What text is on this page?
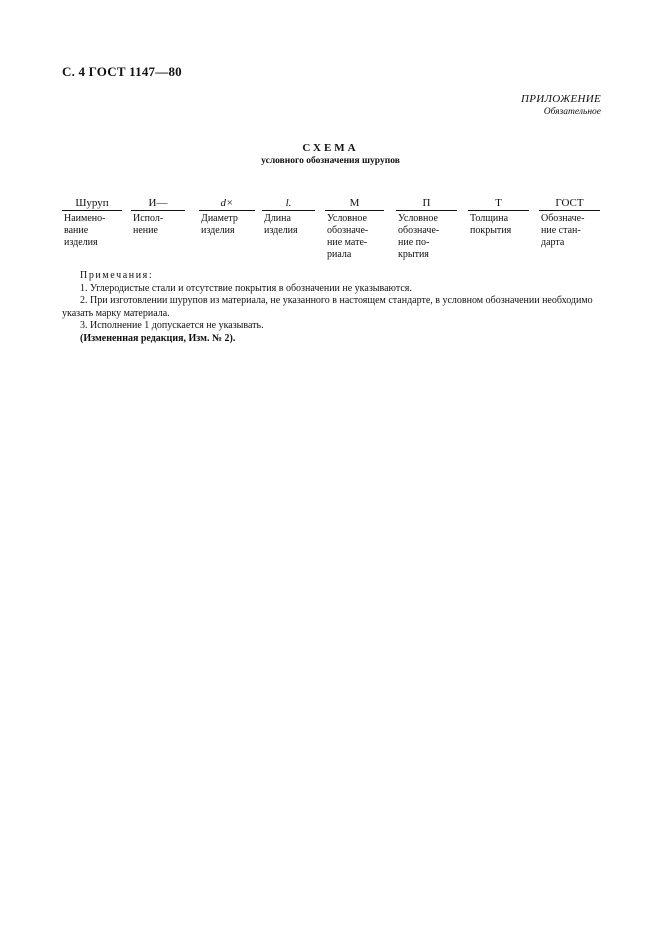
С. 4 ГОСТ 1147—80
ПРИЛОЖЕНИЕ
Обязательное
СХЕМА
условного обозначения шурупов
Шуруп
Наимено-
вание
изделия
И—
Испол-
нение
d×
Диаметр
изделия
l.
Длина
изделия
М
Условное
обозначе-
ние мате-
риала
П
Условное
обозначе-
ние по-
крытия
Т
Толщина
покрытия
ГОСТ
Обозначе-
ние стан-
дарта
Примечания:
1. Углеродистые стали и отсутствие покрытия в обозначении не указываются.
2. При изготовлении шурупов из материала, не указанного в настоящем стандарте, в условном обозначении необходимо указать марку материала.
3. Исполнение 1 допускается не указывать.
(Измененная редакция, Изм. № 2).
